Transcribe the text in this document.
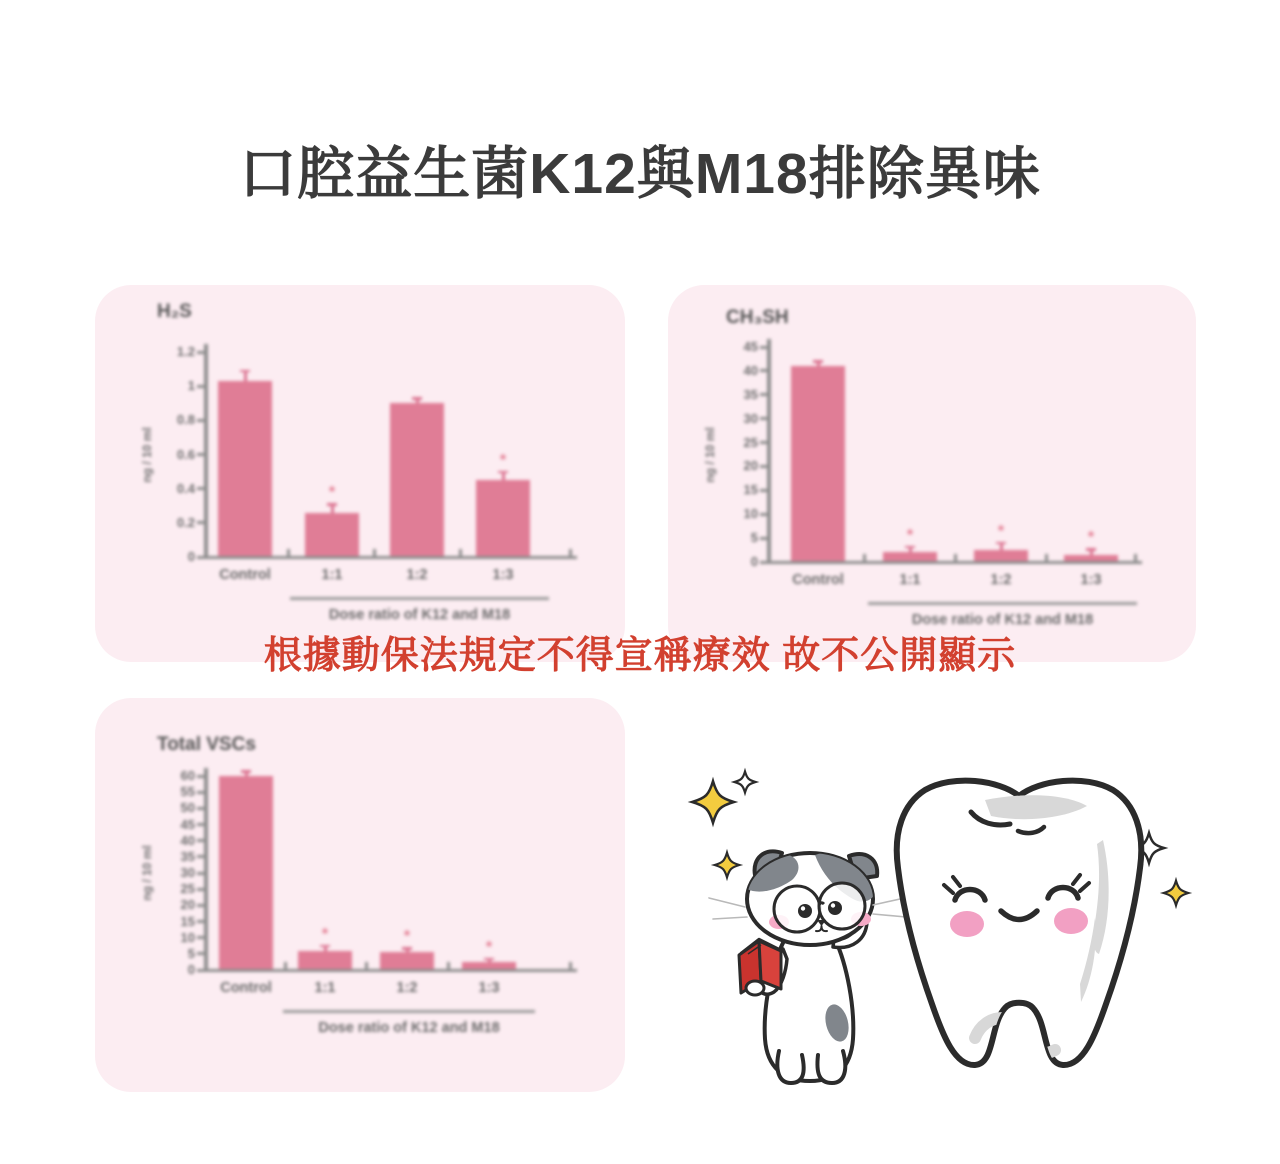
口腔益生菌K12與M18排除異味
H₂S
ng / 10 ml
1.2
1
0.8
0.6
0.4
0.2
0
Control
*
1:1	1:2
*
1:3
Dose ratio of K12 and M18
CH₃SH
ng / 10 ml
45
40
35
30
25
20
15
10
5
0
Control
*
1:1
*
1:2
*
1:3
Dose ratio of K12 and M18
Total VSCs
ng / 10 ml
60
55
50
45
40
35
30
25
20
15
10
5
0
Control
*
1:1
*
1:2
*
1:3
Dose ratio of K12 and M18
根據動保法規定不得宣稱療效 故不公開顯示
